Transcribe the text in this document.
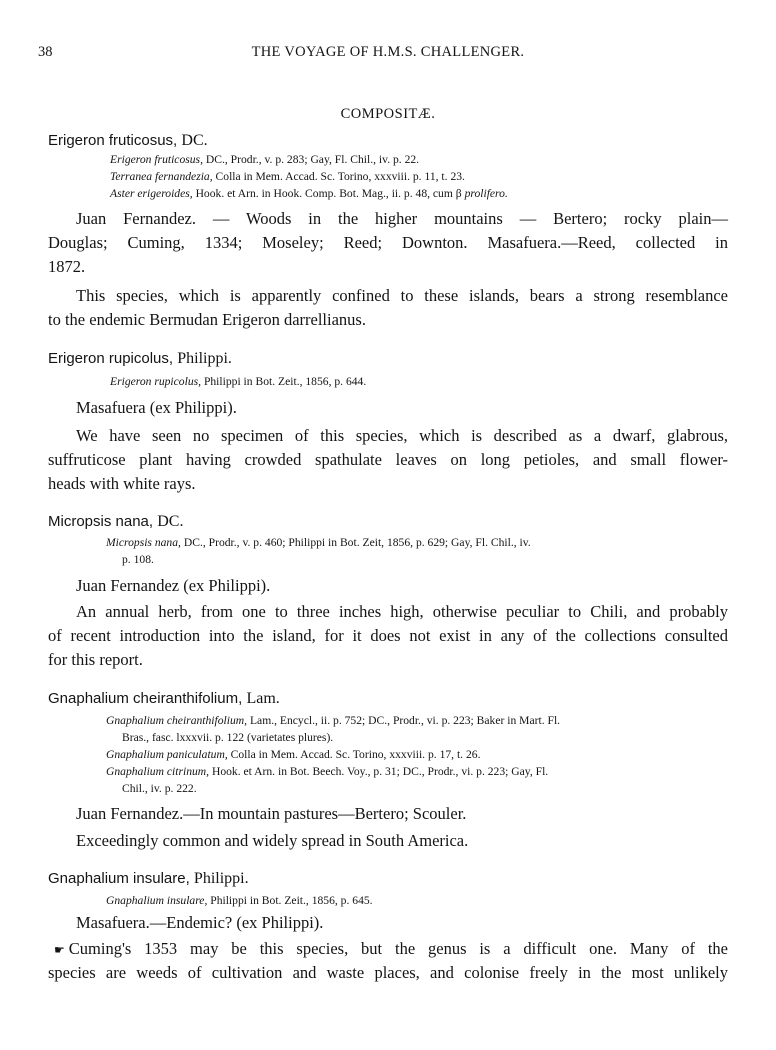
38	THE VOYAGE OF H.M.S. CHALLENGER.
COMPOSITÆ.
Erigeron fruticosus, DC.
Erigeron fruticosus, DC., Prodr., v. p. 283; Gay, Fl. Chil., iv. p. 22.
Terranea fernandezia, Colla in Mem. Accad. Sc. Torino, xxxviii. p. 11, t. 23.
Aster erigeroides, Hook. et Arn. in Hook. Comp. Bot. Mag., ii. p. 48, cum β prolifero.
Juan Fernandez. — Woods in the higher mountains — Bertero; rocky plain—
Douglas; Cuming, 1334; Moseley; Reed; Downton. Masafuera.—Reed, collected in
1872.
This species, which is apparently confined to these islands, bears a strong resemblance
to the endemic Bermudan Erigeron darrellianus.
Erigeron rupicolus, Philippi.
Erigeron rupicolus, Philippi in Bot. Zeit., 1856, p. 644.
Masafuera (ex Philippi).
We have seen no specimen of this species, which is described as a dwarf, glabrous,
suffruticose plant having crowded spathulate leaves on long petioles, and small flower-
heads with white rays.
Micropsis nana, DC.
Micropsis nana, DC., Prodr., v. p. 460; Philippi in Bot. Zeit, 1856, p. 629; Gay, Fl. Chil., iv.
p. 108.
Juan Fernandez (ex Philippi).
An annual herb, from one to three inches high, otherwise peculiar to Chili, and probably
of recent introduction into the island, for it does not exist in any of the collections consulted
for this report.
Gnaphalium cheiranthifolium, Lam.
Gnaphalium cheiranthifolium, Lam., Encycl., ii. p. 752; DC., Prodr., vi. p. 223; Baker in Mart. Fl.
Bras., fasc. lxxxvii. p. 122 (varietates plures).
Gnaphalium paniculatum, Colla in Mem. Accad. Sc. Torino, xxxviii. p. 17, t. 26.
Gnaphalium citrinum, Hook. et Arn. in Bot. Beech. Voy., p. 31; DC., Prodr., vi. p. 223; Gay, Fl.
Chil., iv. p. 222.
Juan Fernandez.—In mountain pastures—Bertero; Scouler.
Exceedingly common and widely spread in South America.
Gnaphalium insulare, Philippi.
Gnaphalium insulare, Philippi in Bot. Zeit., 1856, p. 645.
Masafuera.—Endemic? (ex Philippi).
☛ Cuming's 1353 may be this species, but the genus is a difficult one. Many of the
species are weeds of cultivation and waste places, and colonise freely in the most unlikely
